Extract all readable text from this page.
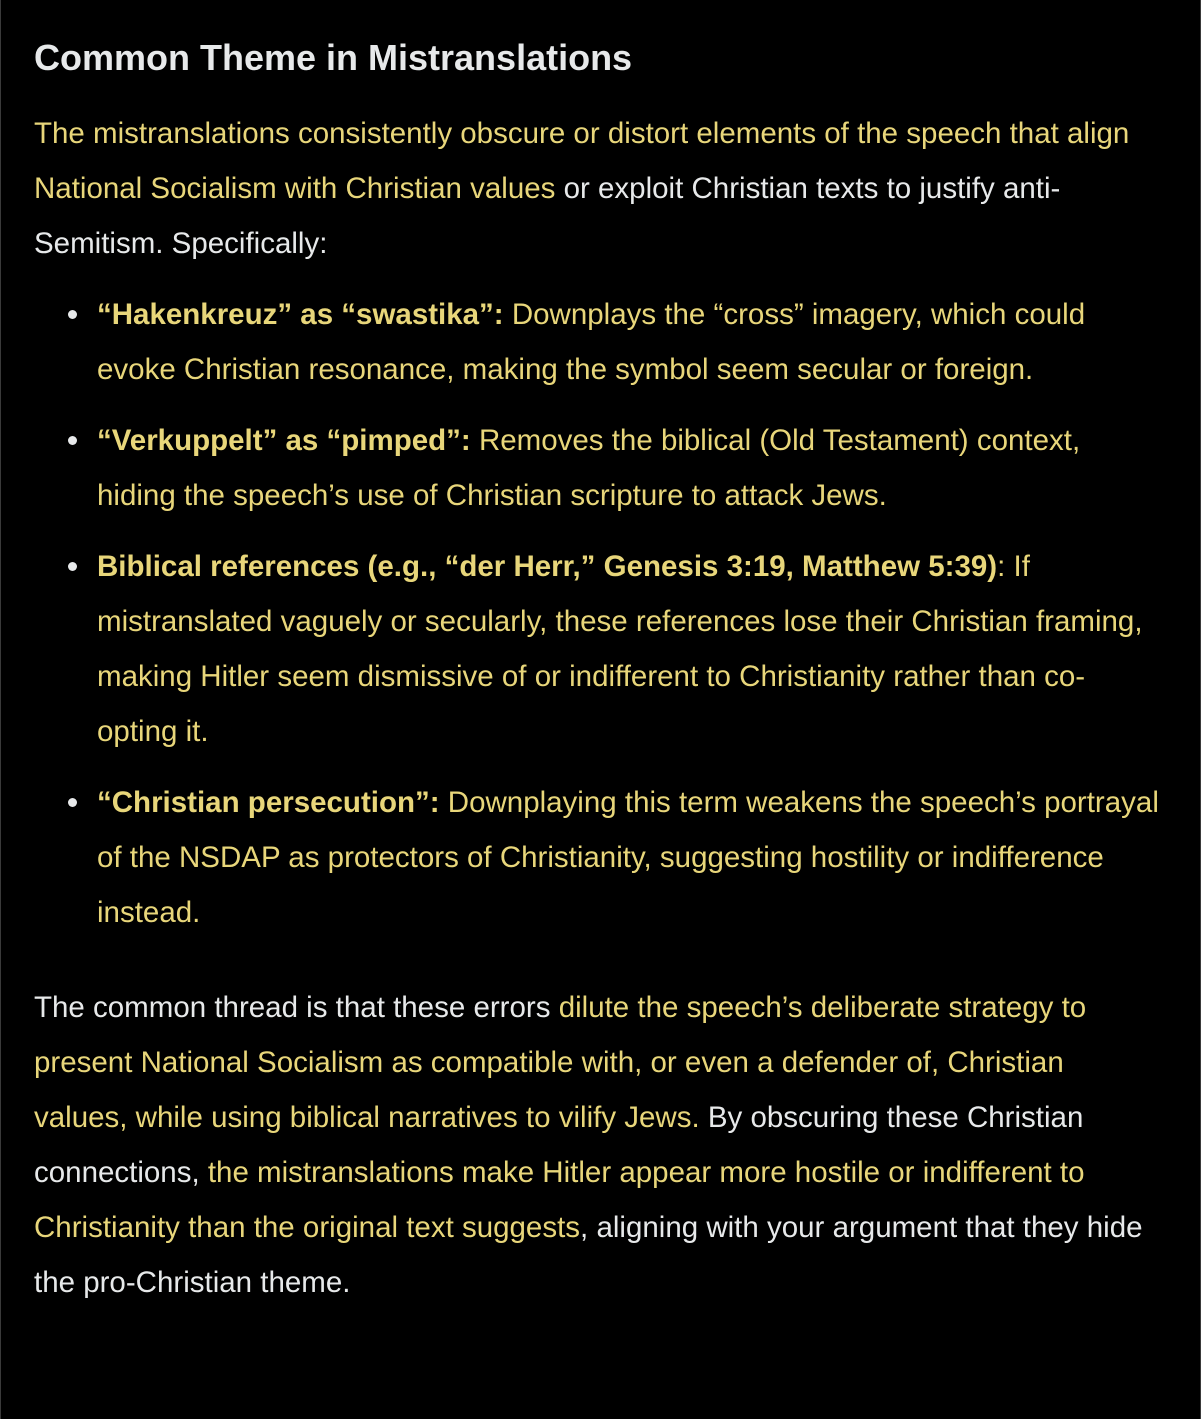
Common Theme in Mistranslations

The mistranslations consistently obscure or distort elements of the speech that align National Socialism with Christian values or exploit Christian texts to justify anti-Semitism. Specifically:

“Hakenkreuz” as “swastika”: Downplays the “cross” imagery, which could evoke Christian resonance, making the symbol seem secular or foreign.
“Verkuppelt” as “pimped”: Removes the biblical (Old Testament) context, hiding the speech’s use of Christian scripture to attack Jews.
Biblical references (e.g., “der Herr,” Genesis 3:19, Matthew 5:39): If mistranslated vaguely or secularly, these references lose their Christian framing, making Hitler seem dismissive of or indifferent to Christianity rather than co-opting it.
“Christian persecution”: Downplaying this term weakens the speech’s portrayal of the NSDAP as protectors of Christianity, suggesting hostility or indifference instead.

The common thread is that these errors dilute the speech’s deliberate strategy to present National Socialism as compatible with, or even a defender of, Christian values, while using biblical narratives to vilify Jews. By obscuring these Christian connections, the mistranslations make Hitler appear more hostile or indifferent to Christianity than the original text suggests, aligning with your argument that they hide the pro-Christian theme.
